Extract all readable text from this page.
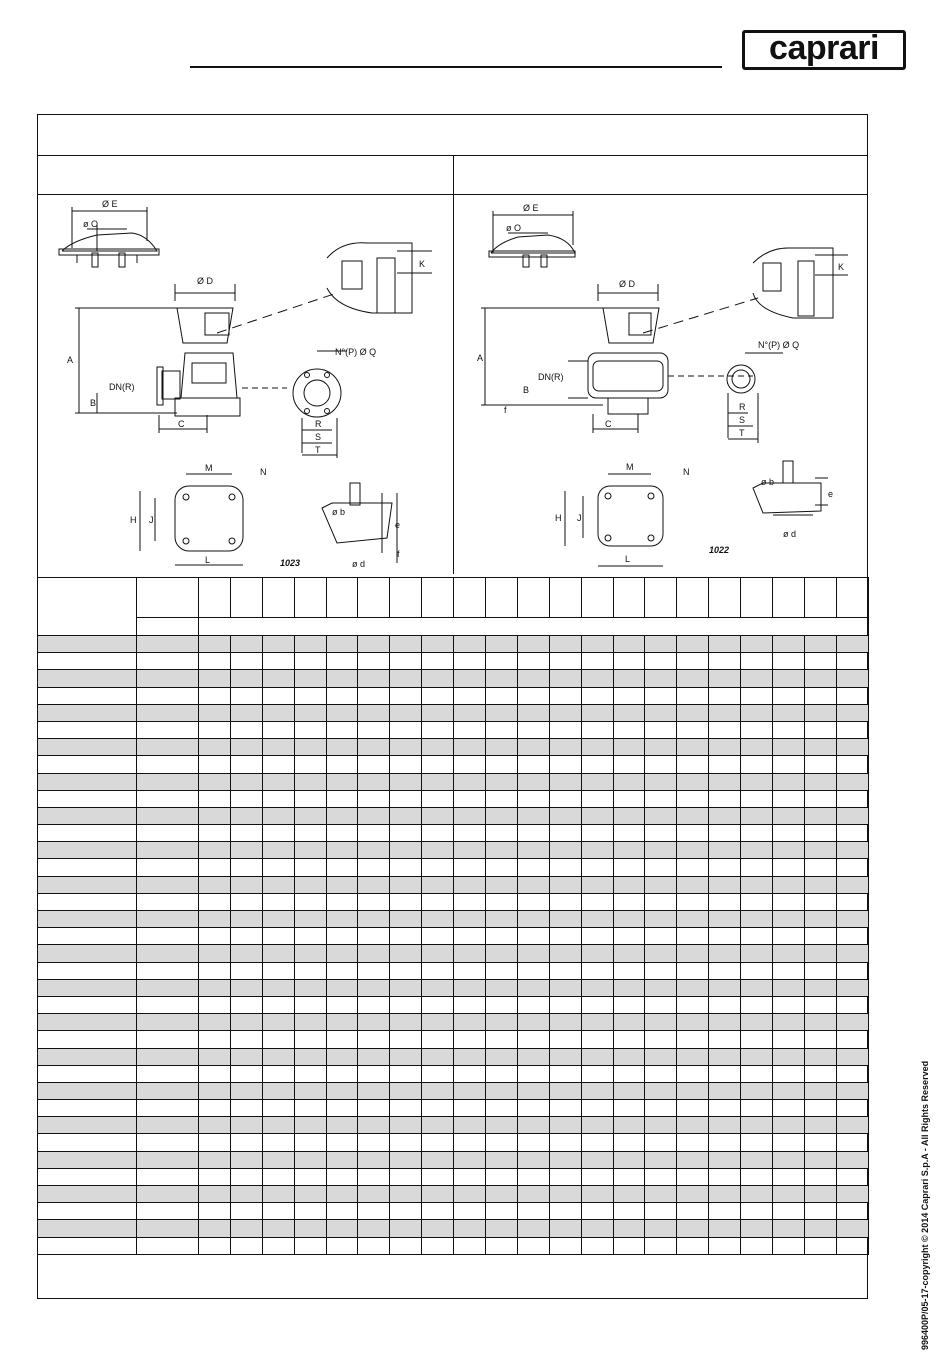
caprari
Ø E
ø O
Ø D
A
B
DN(R)
C
K
N°(P) Ø Q
R
S
T
M	N
H J
L
ø b
e
f
ø d
1023
Ø E
ø O
Ø D
A
B
DN(R)
f
C
K
N°(P) Ø Q
R
S
T
M	N
H J
L
ø b
e
ø d
1022

996400P/05-17-copyright © 2014 Caprari S.p.A - All Rights Reserved
